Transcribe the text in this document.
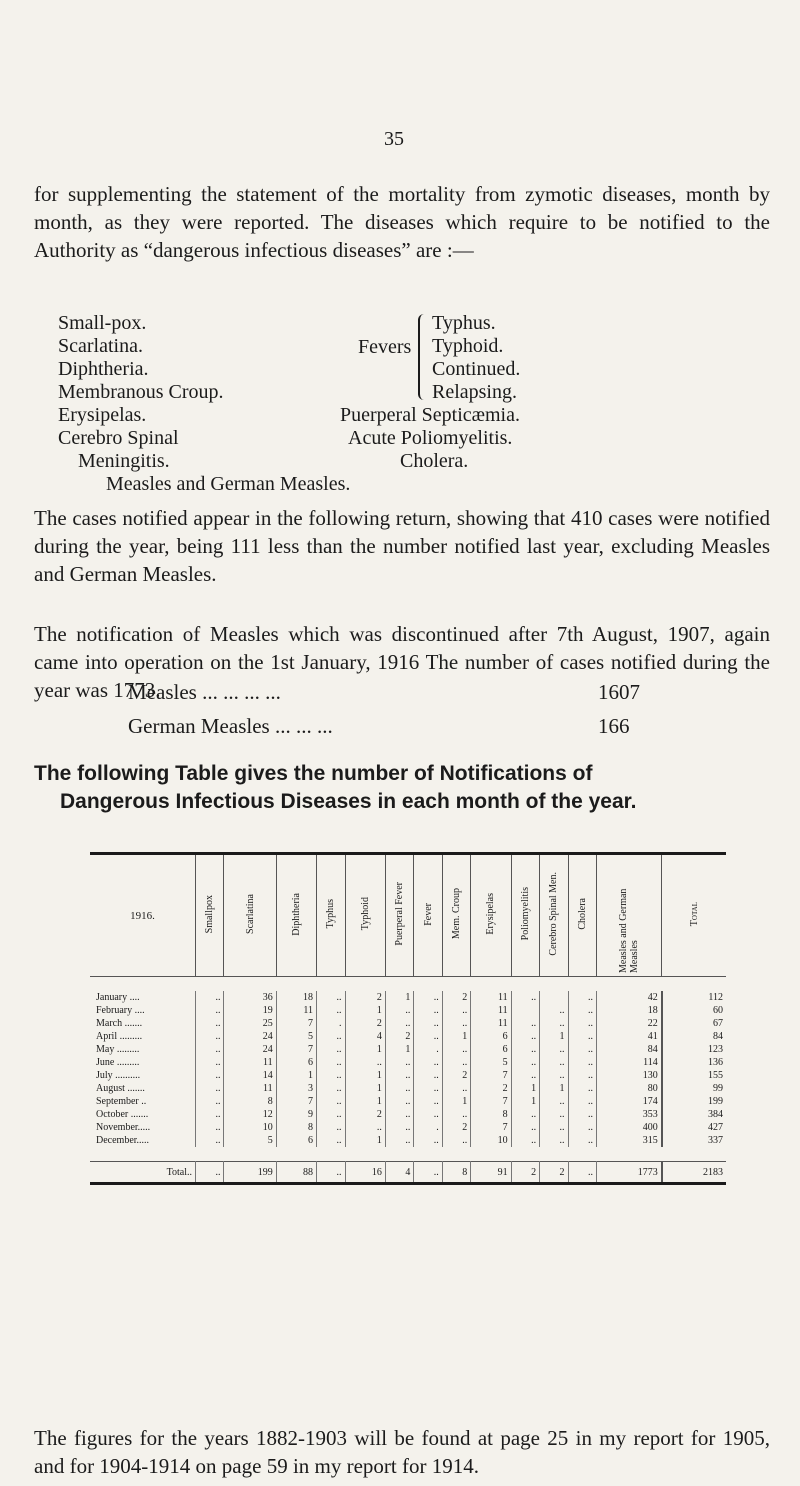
35

for supplementing the statement of the mortality from zymotic diseases, month by month, as they were reported. The diseases which require to be notified to the Authority as “dangerous infectious diseases” are :—

Small-pox.
Scarlatina.
Diphtheria.
Membranous Croup.
Erysipelas.
Cerebro Spinal
Meningitis.
Fevers
Typhus.
Typhoid.
Continued.
Relapsing.
Puerperal Septicæmia.
Acute Poliomyelitis.
Cholera.
Measles and German Measles.

The cases notified appear in the following return, showing that 410 cases were notified during the year, being 111 less than the number notified last year, excluding Measles and German Measles.

The notification of Measles which was discontinued after 7th August, 1907, again came into operation on the 1st January, 1916 The number of cases notified during the year was 1773.

Measles ... ... ... ...	1607
German Measles ... ... ...	166
The following Table gives the number of Notifications of
Dangerous Infectious Diseases in each month of the year.
1916.	Smallpox	Scarlatina	Diphtheria	Typhus	Typhoid	Puerperal Fever	Fever	Mem. Croup	Erysipelas	Poliomyelitis	Cerebro Spinal Men.	Cholera	Measles and German Measles	Total

January ....	..	36	18	..	2	1	..	2	11	..		..	42	112
February ....	..	19	11	..	1	..	..	..	11		..	..	18	60
March .......	..	25	7	.	2	..	..	..	11	..	..	..	22	67
April .........	..	24	5	..	4	2	..	1	6	..	1	..	41	84
May .........	..	24	7	..	1	1	.	..	6	..	..	..	84	123
June .........	..	11	6	..	..	..	..	..	5	..	..	..	114	136
July ..........	..	14	1	..	1	..	..	2	7	..	..	..	130	155
August .......	..	11	3	..	1	..	..	..	2	1	1	..	80	99
September ..	..	8	7	..	1	..	..	1	7	1	..	..	174	199
October .......	..	12	9	..	2	..	..	..	8	..	..	..	353	384
November.....	..	10	8	..	..	..	.	2	7	..	..	..	400	427
December.....	..	5	6	..	1	..	..	..	10	..	..	..	315	337

Total..	..	199	88	..	16	4	..	8	91	2	2	..	1773	2183

The figures for the years 1882-1903 will be found at page 25 in my report for 1905, and for 1904-1914 on page 59 in my report for 1914.
